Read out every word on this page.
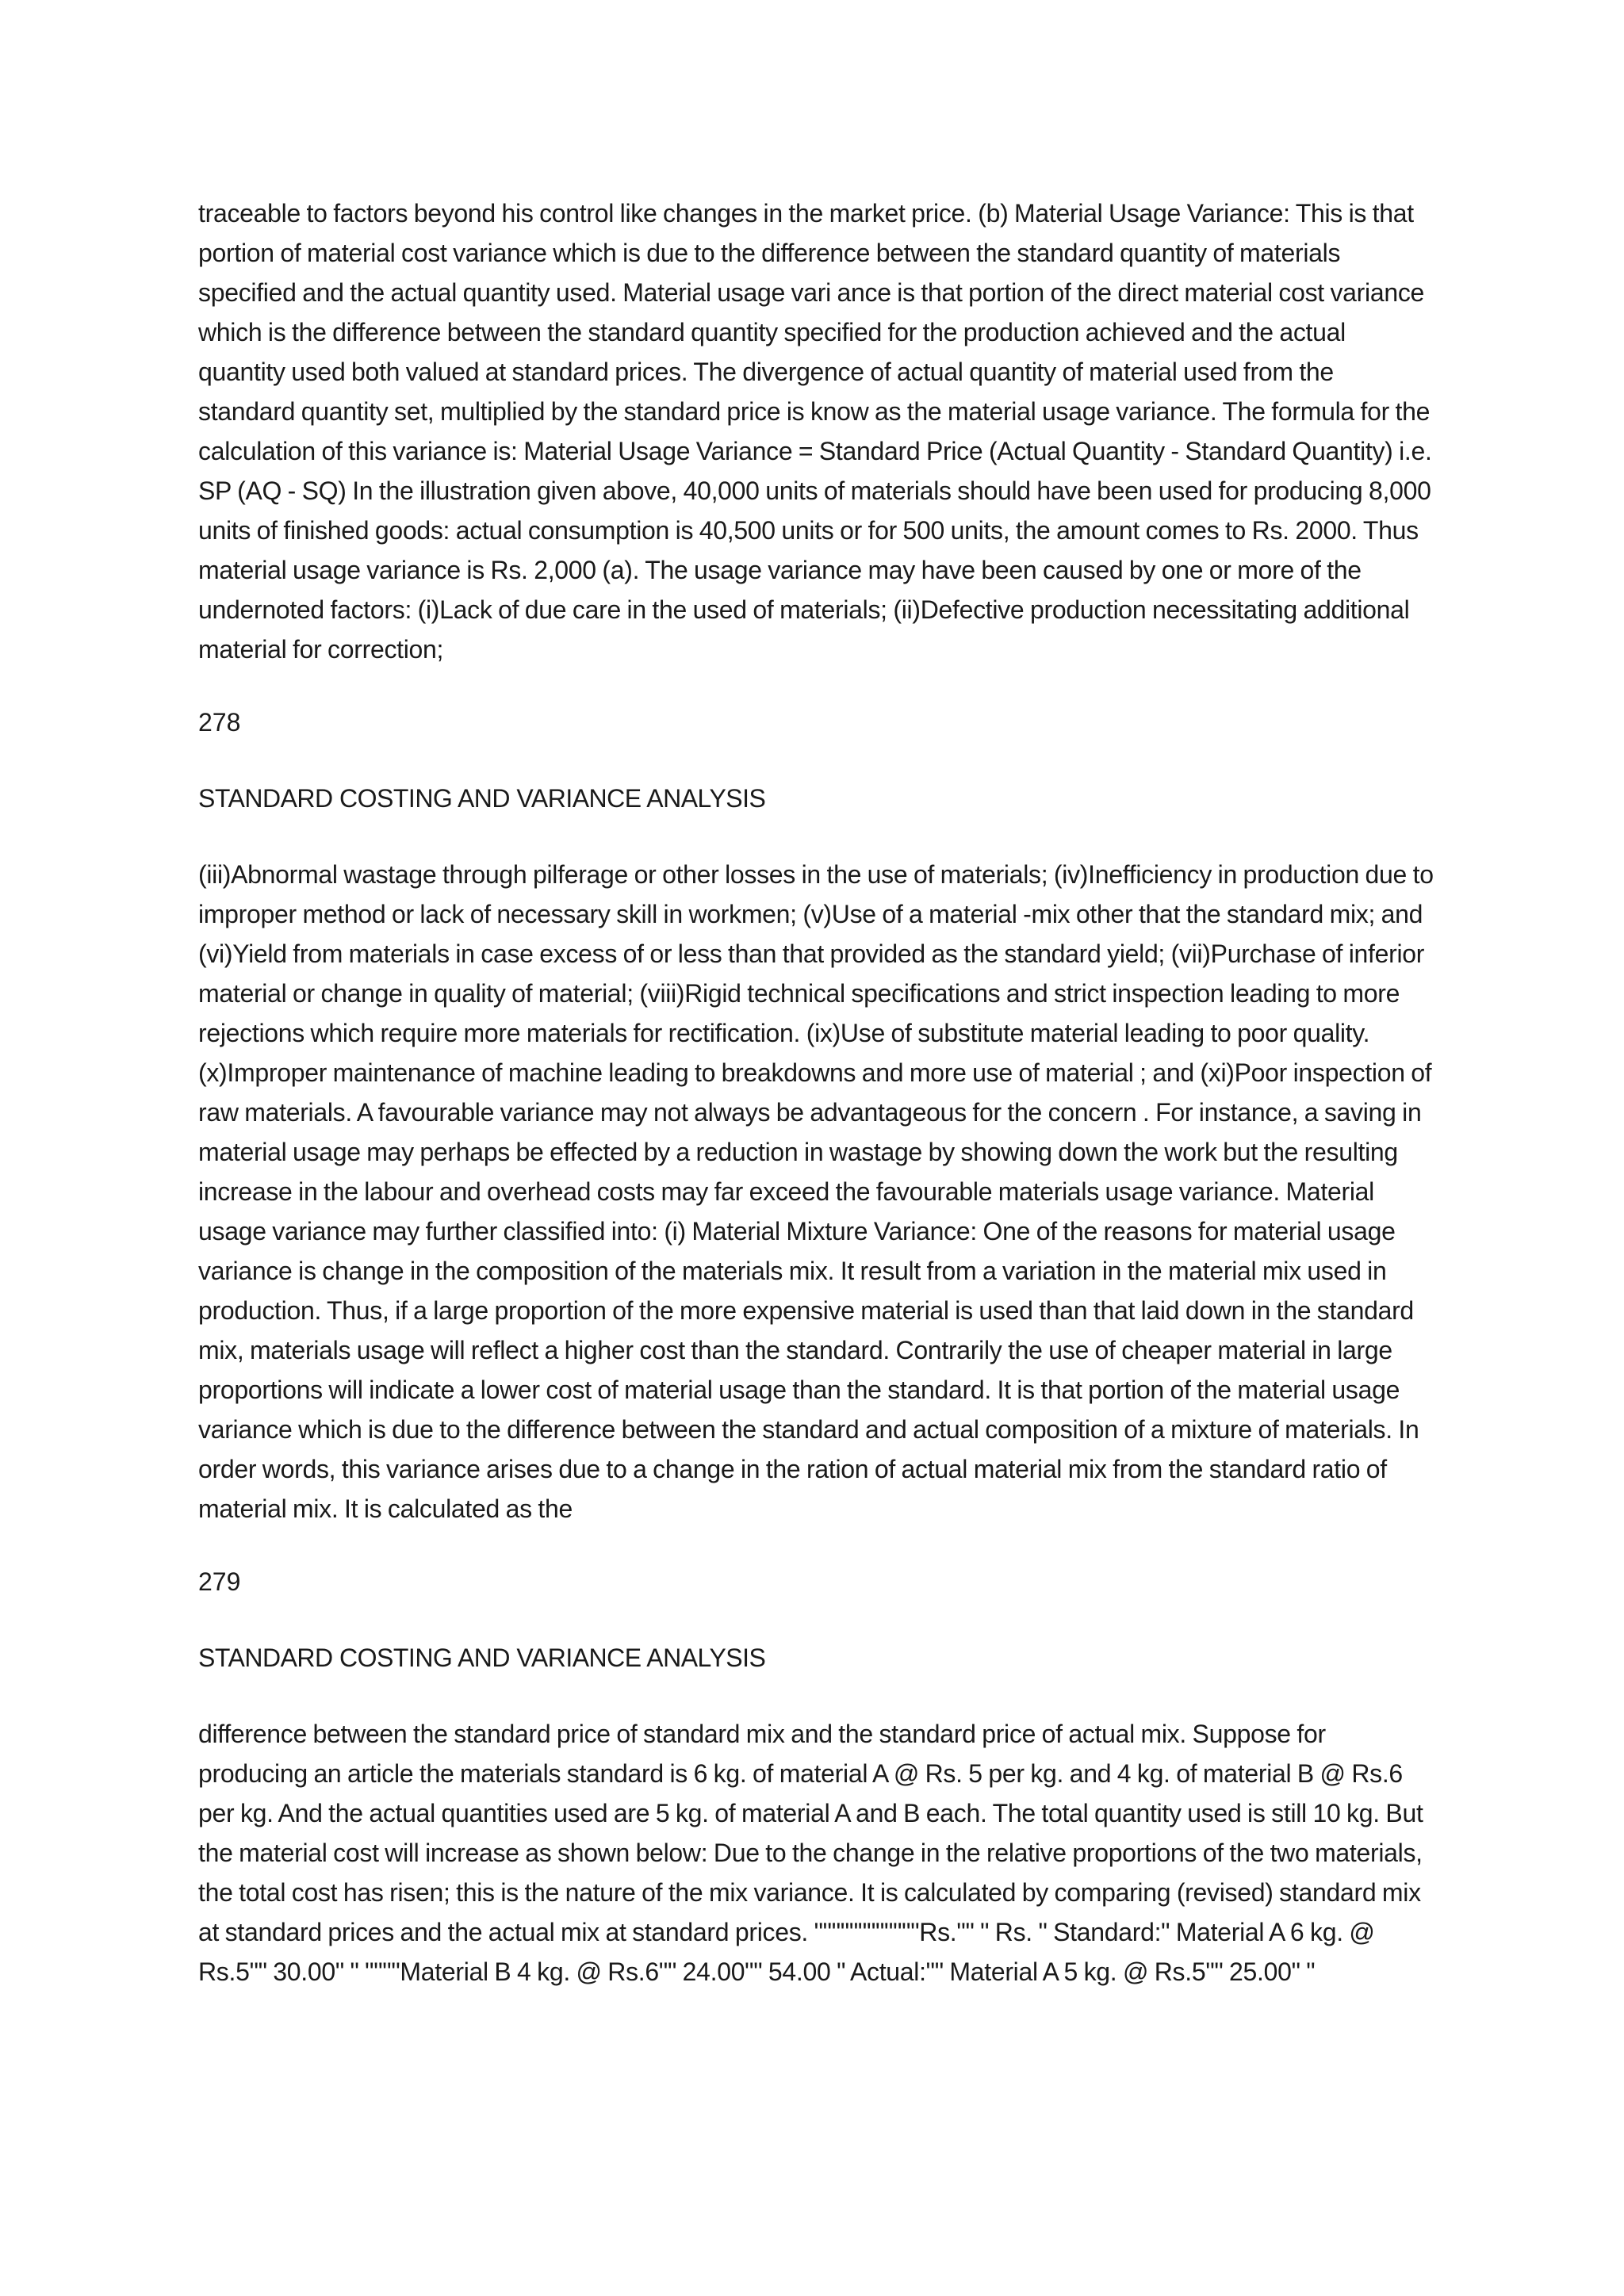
traceable to factors beyond his control like changes in the market price. (b) Material Usage Variance: This is that portion of material cost variance which is due to the difference between the standard quantity of materials specified and the actual quantity used. Material usage vari ance is that portion of the direct material cost variance which is the difference between the standard quantity specified for the production achieved and the actual quantity used both valued at standard prices. The divergence of actual quantity of material used from the standard quantity set, multiplied by the standard price is know as the material usage variance. The formula for the calculation of this variance is: Material Usage Variance = Standard Price (Actual Quantity - Standard Quantity) i.e. SP (AQ - SQ) In the illustration given above, 40,000 units of materials should have been used for producing 8,000 units of finished goods: actual consumption is 40,500 units or for 500 units, the amount comes to Rs. 2000. Thus material usage variance is Rs. 2,000 (a). The usage variance may have been caused by one or more of the undernoted factors: (i)Lack of due care in the used of materials; (ii)Defective production necessitating additional material for correction;

278

STANDARD COSTING AND VARIANCE ANALYSIS

(iii)Abnormal wastage through pilferage or other losses in the use of materials; (iv)Inefficiency in production due to improper method or lack of necessary skill in workmen; (v)Use of a material -mix other that the standard mix; and (vi)Yield from materials in case excess of or less than that provided as the standard yield; (vii)Purchase of inferior material or change in quality of material; (viii)Rigid technical specifications and strict inspection leading to more rejections which require more materials for rectification. (ix)Use of substitute material leading to poor quality. (x)Improper maintenance of machine leading to breakdowns and more use of material ; and (xi)Poor inspection of raw materials. A favourable variance may not always be advantageous for the concern . For instance, a saving in material usage may perhaps be effected by a reduction in wastage by showing down the work but the resulting increase in the labour and overhead costs may far exceed the favourable materials usage variance. Material usage variance may further classified into: (i) Material Mixture Variance: One of the reasons for material usage variance is change in the composition of the materials mix. It result from a variation in the material mix used in production. Thus, if a large proportion of the more expensive material is used than that laid down in the standard mix, materials usage will reflect a higher cost than the standard. Contrarily the use of cheaper material in large proportions will indicate a lower cost of material usage than the standard. It is that portion of the material usage variance which is due to the difference between the standard and actual composition of a mixture of materials. In order words, this variance arises due to a change in the ration of actual material mix from the standard ratio of material mix. It is calculated as the

279

STANDARD COSTING AND VARIANCE ANALYSIS

difference between the standard price of standard mix and the standard price of actual mix. Suppose for producing an article the materials standard is 6 kg. of material A @ Rs. 5 per kg. and 4 kg. of material B @ Rs.6 per kg. And the actual quantities used are 5 kg. of material A and B each. The total quantity used is still 10 kg. But the material cost will increase as shown below: Due to the change in the relative proportions of the two materials, the total cost has risen; this is the nature of the mix variance. It is calculated by comparing (revised) standard mix at standard prices and the actual mix at standard prices. """"""""""""Rs."" " Rs. " Standard:" Material A 6 kg. @ Rs.5"" 30.00" " """"Material B 4 kg. @ Rs.6"" 24.00"" 54.00 " Actual:"" Material A 5 kg. @ Rs.5"" 25.00" "
